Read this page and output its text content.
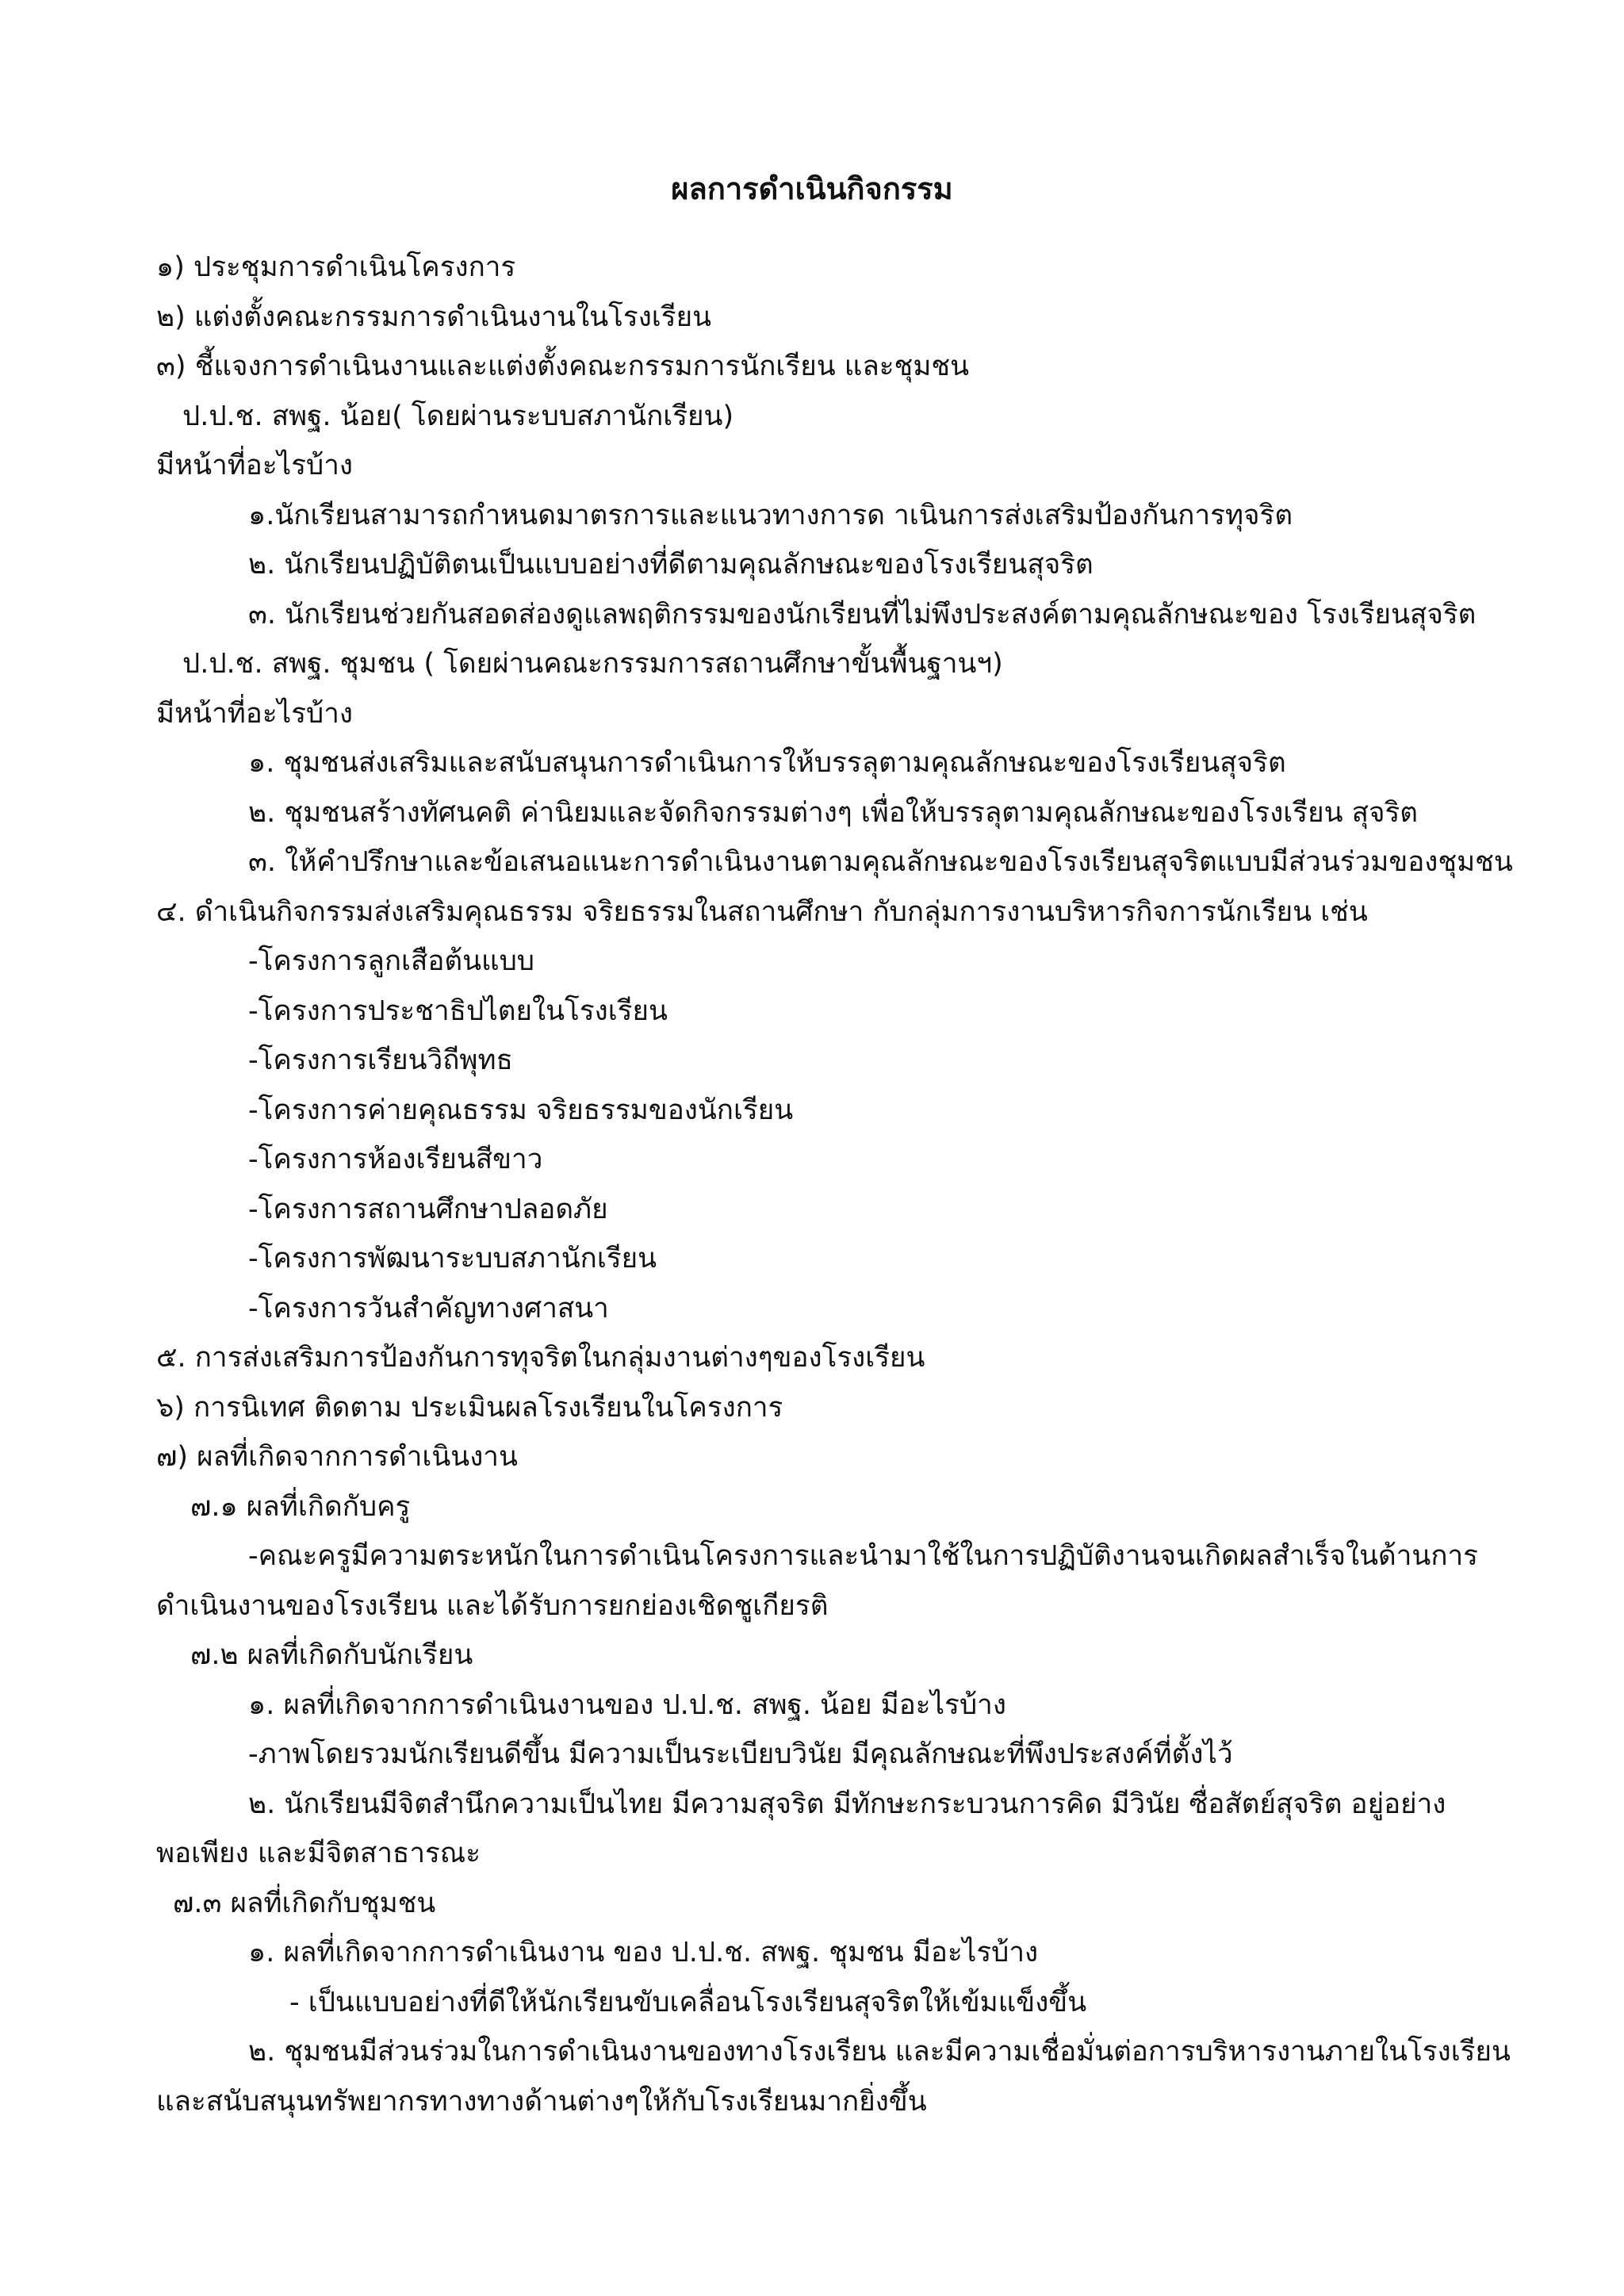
ผลการดำเนินกิจกรรม
๑) ประชุมการดำเนินโครงการ
๒) แต่งตั้งคณะกรรมการดำเนินงานในโรงเรียน
๓) ชี้แจงการดำเนินงานและแต่งตั้งคณะกรรมการนักเรียน และชุมชน
ป.ป.ช. สพฐ. น้อย( โดยผ่านระบบสภานักเรียน)
มีหน้าที่อะไรบ้าง
๑.นักเรียนสามารถกำหนดมาตรการและแนวทางการด าเนินการส่งเสริมป้องกันการทุจริต
๒. นักเรียนปฏิบัติตนเป็นแบบอย่างที่ดีตามคุณลักษณะของโรงเรียนสุจริต
๓. นักเรียนช่วยกันสอดส่องดูแลพฤติกรรมของนักเรียนที่ไม่พึงประสงค์ตามคุณลักษณะของ โรงเรียนสุจริต
ป.ป.ช. สพฐ. ชุมชน ( โดยผ่านคณะกรรมการสถานศึกษาขั้นพื้นฐานฯ)
มีหน้าที่อะไรบ้าง
๑. ชุมชนส่งเสริมและสนับสนุนการดำเนินการให้บรรลุตามคุณลักษณะของโรงเรียนสุจริต
๒. ชุมชนสร้างทัศนคติ ค่านิยมและจัดกิจกรรมต่างๆ เพื่อให้บรรลุตามคุณลักษณะของโรงเรียน สุจริต
๓. ให้คำปรึกษาและข้อเสนอแนะการดำเนินงานตามคุณลักษณะของโรงเรียนสุจริตแบบมีส่วนร่วมของชุมชน
๔. ดำเนินกิจกรรมส่งเสริมคุณธรรม จริยธรรมในสถานศึกษา กับกลุ่มการงานบริหารกิจการนักเรียน เช่น
-โครงการลูกเสือต้นแบบ
-โครงการประชาธิปไตยในโรงเรียน
-โครงการเรียนวิถีพุทธ
-โครงการค่ายคุณธรรม จริยธรรมของนักเรียน
-โครงการห้องเรียนสีขาว
-โครงการสถานศึกษาปลอดภัย
-โครงการพัฒนาระบบสภานักเรียน
-โครงการวันสำคัญทางศาสนา
๕. การส่งเสริมการป้องกันการทุจริตในกลุ่มงานต่างๆของโรงเรียน
๖) การนิเทศ ติดตาม ประเมินผลโรงเรียนในโครงการ
๗) ผลที่เกิดจากการดำเนินงาน
๗.๑ ผลที่เกิดกับครู
-คณะครูมีความตระหนักในการดำเนินโครงการและนำมาใช้ในการปฏิบัติงานจนเกิดผลสำเร็จในด้านการ
ดำเนินงานของโรงเรียน และได้รับการยกย่องเชิดชูเกียรติ
๗.๒ ผลที่เกิดกับนักเรียน
๑. ผลที่เกิดจากการดำเนินงานของ ป.ป.ช. สพฐ. น้อย มีอะไรบ้าง
-ภาพโดยรวมนักเรียนดีขึ้น มีความเป็นระเบียบวินัย มีคุณลักษณะที่พึงประสงค์ที่ตั้งไว้
๒. นักเรียนมีจิตสำนึกความเป็นไทย มีความสุจริต มีทักษะกระบวนการคิด มีวินัย ซื่อสัตย์สุจริต อยู่อย่าง
พอเพียง และมีจิตสาธารณะ
๗.๓ ผลที่เกิดกับชุมชน
๑. ผลที่เกิดจากการดำเนินงาน ของ ป.ป.ช. สพฐ. ชุมชน มีอะไรบ้าง
- เป็นแบบอย่างที่ดีให้นักเรียนขับเคลื่อนโรงเรียนสุจริตให้เข้มแข็งขึ้น
๒. ชุมชนมีส่วนร่วมในการดำเนินงานของทางโรงเรียน และมีความเชื่อมั่นต่อการบริหารงานภายในโรงเรียน
และสนับสนุนทรัพยากรทางทางด้านต่างๆให้กับโรงเรียนมากยิ่งขึ้น
